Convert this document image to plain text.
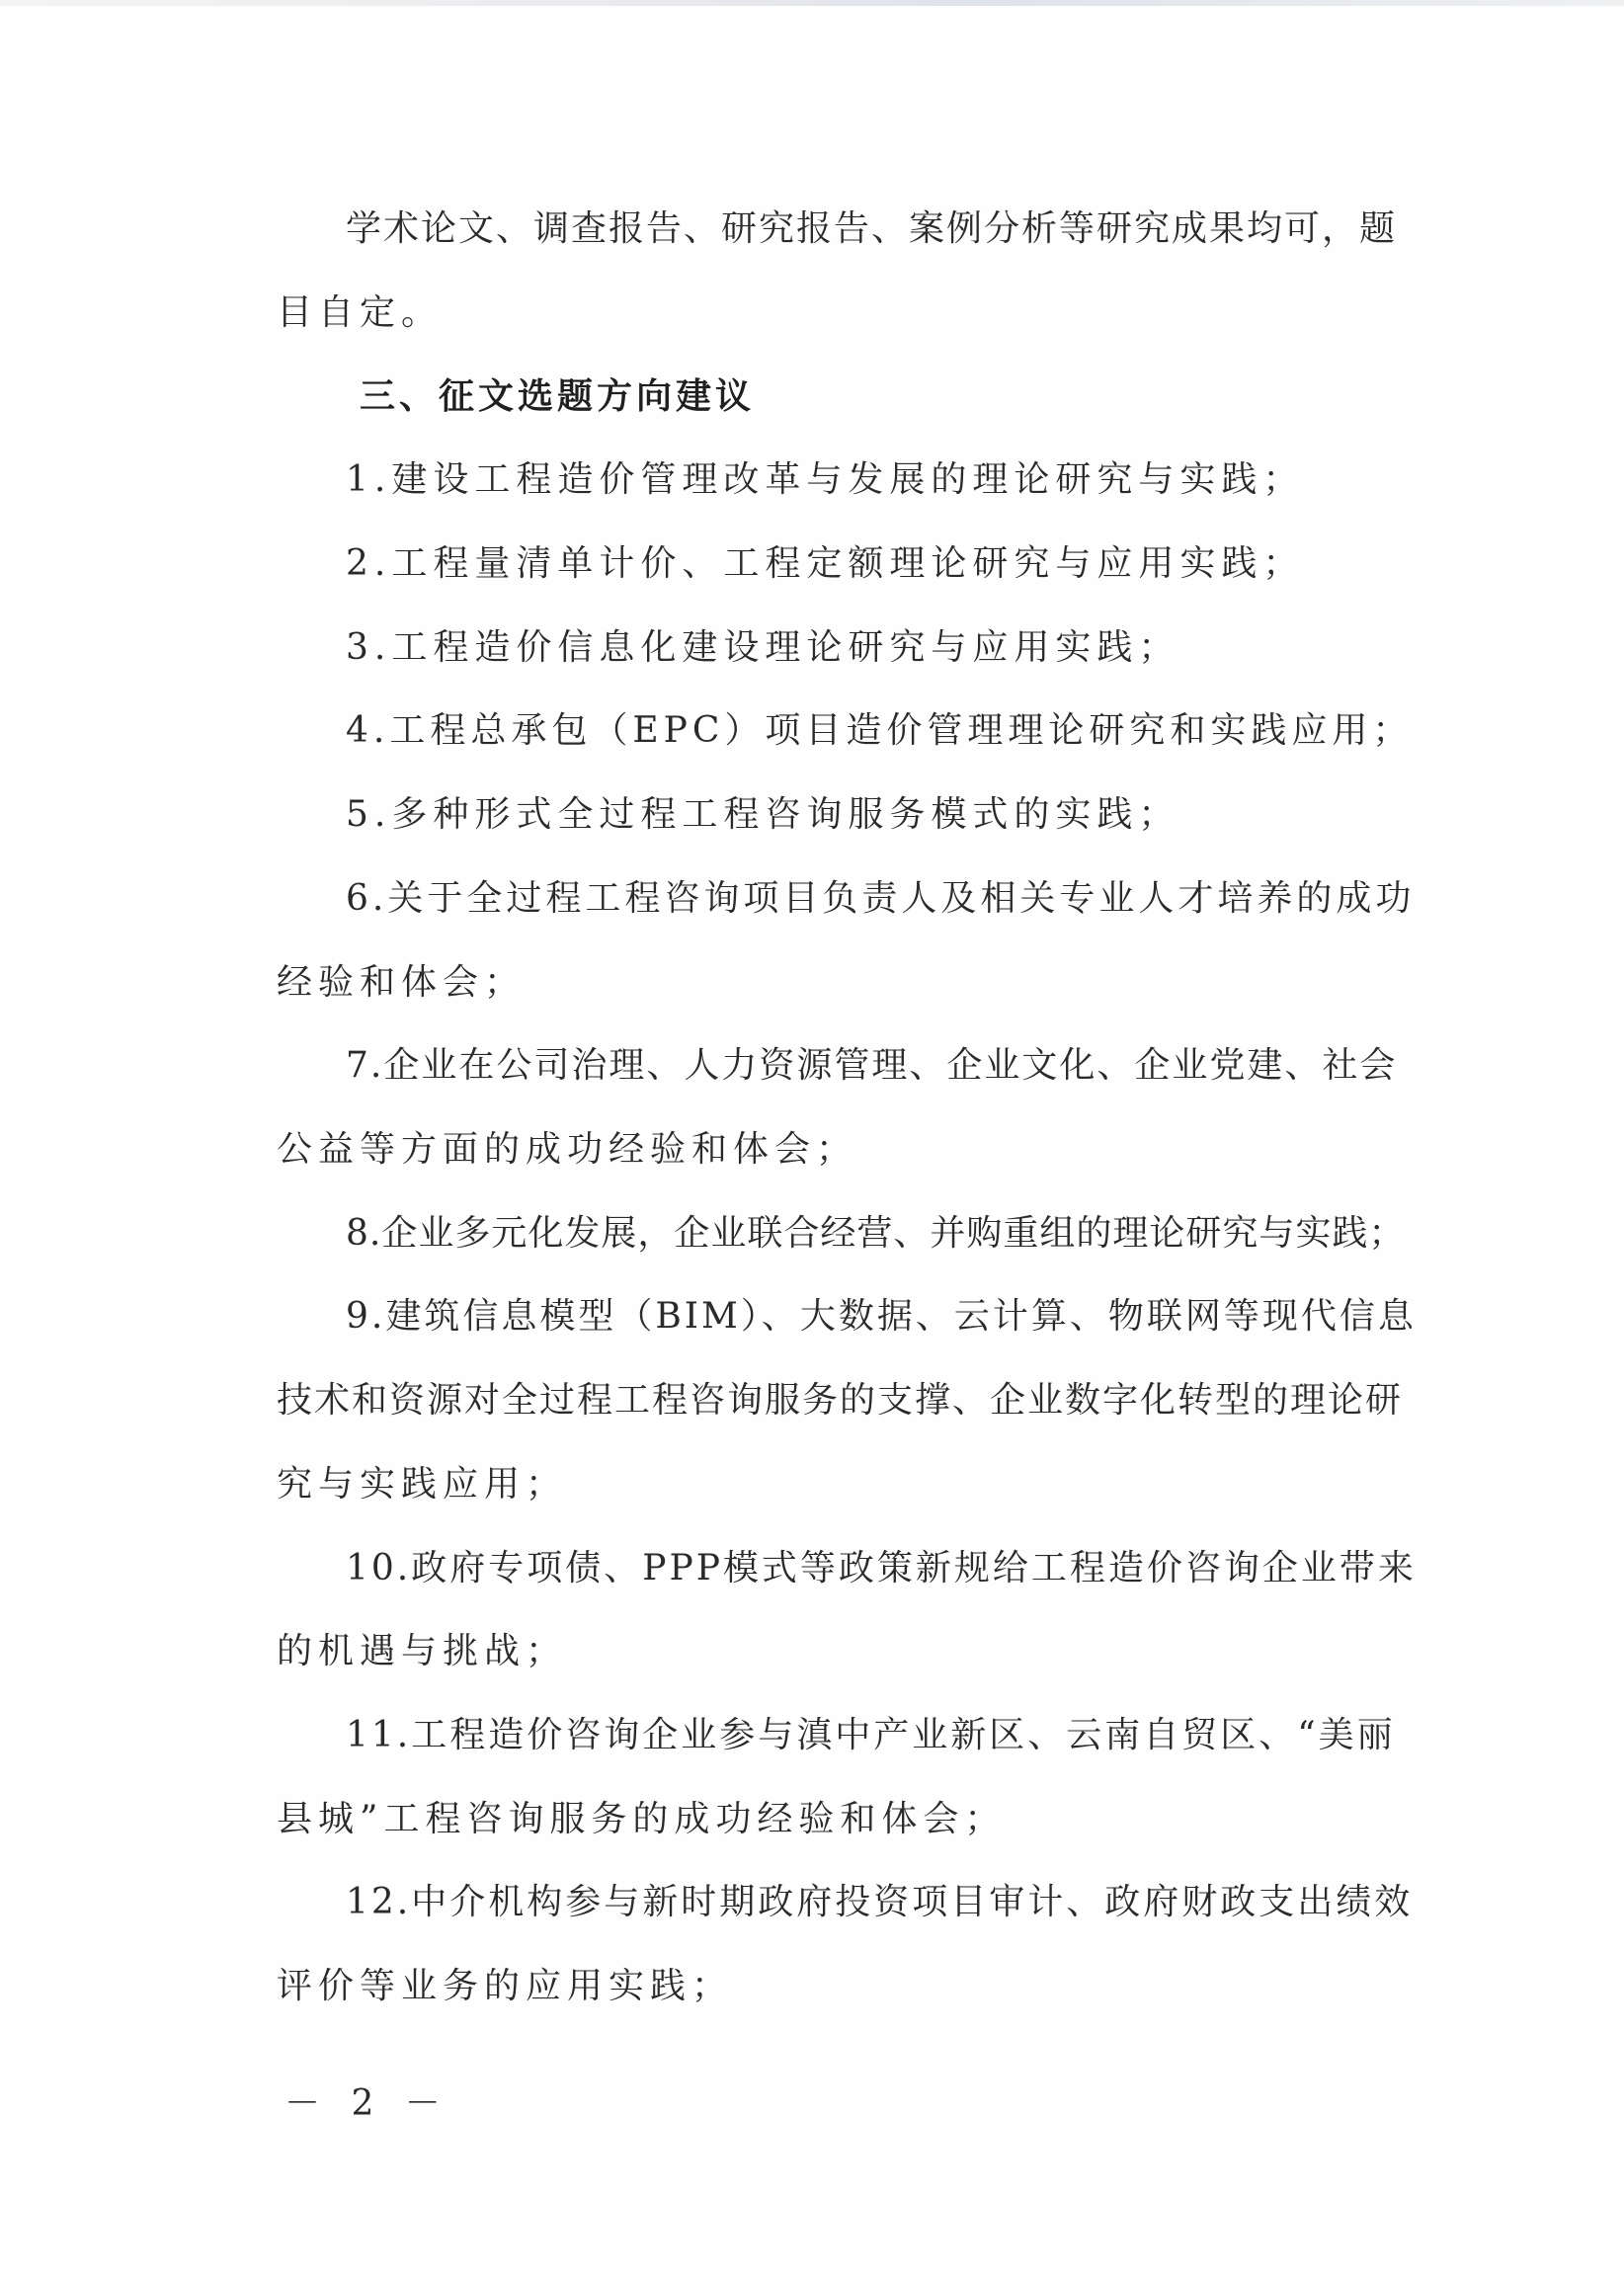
学术论文、调查报告、研究报告、案例分析等研究成果均可，题
目自定。
三、征文选题方向建议
1.建设工程造价管理改革与发展的理论研究与实践；
2.工程量清单计价、工程定额理论研究与应用实践；
3.工程造价信息化建设理论研究与应用实践；
4.工程总承包（EPC）项目造价管理理论研究和实践应用；
5.多种形式全过程工程咨询服务模式的实践；
6.关于全过程工程咨询项目负责人及相关专业人才培养的成功
经验和体会；
7.企业在公司治理、人力资源管理、企业文化、企业党建、社会
公益等方面的成功经验和体会；
8.企业多元化发展，企业联合经营、并购重组的理论研究与实践；
9.建筑信息模型（BIM）、大数据、云计算、物联网等现代信息
技术和资源对全过程工程咨询服务的支撑、企业数字化转型的理论研
究与实践应用；
10.政府专项债、PPP模式等政策新规给工程造价咨询企业带来
的机遇与挑战；
11.工程造价咨询企业参与滇中产业新区、云南自贸区、“美丽
县城”工程咨询服务的成功经验和体会；
12.中介机构参与新时期政府投资项目审计、政府财政支出绩效
评价等业务的应用实践；
－ 2 －
